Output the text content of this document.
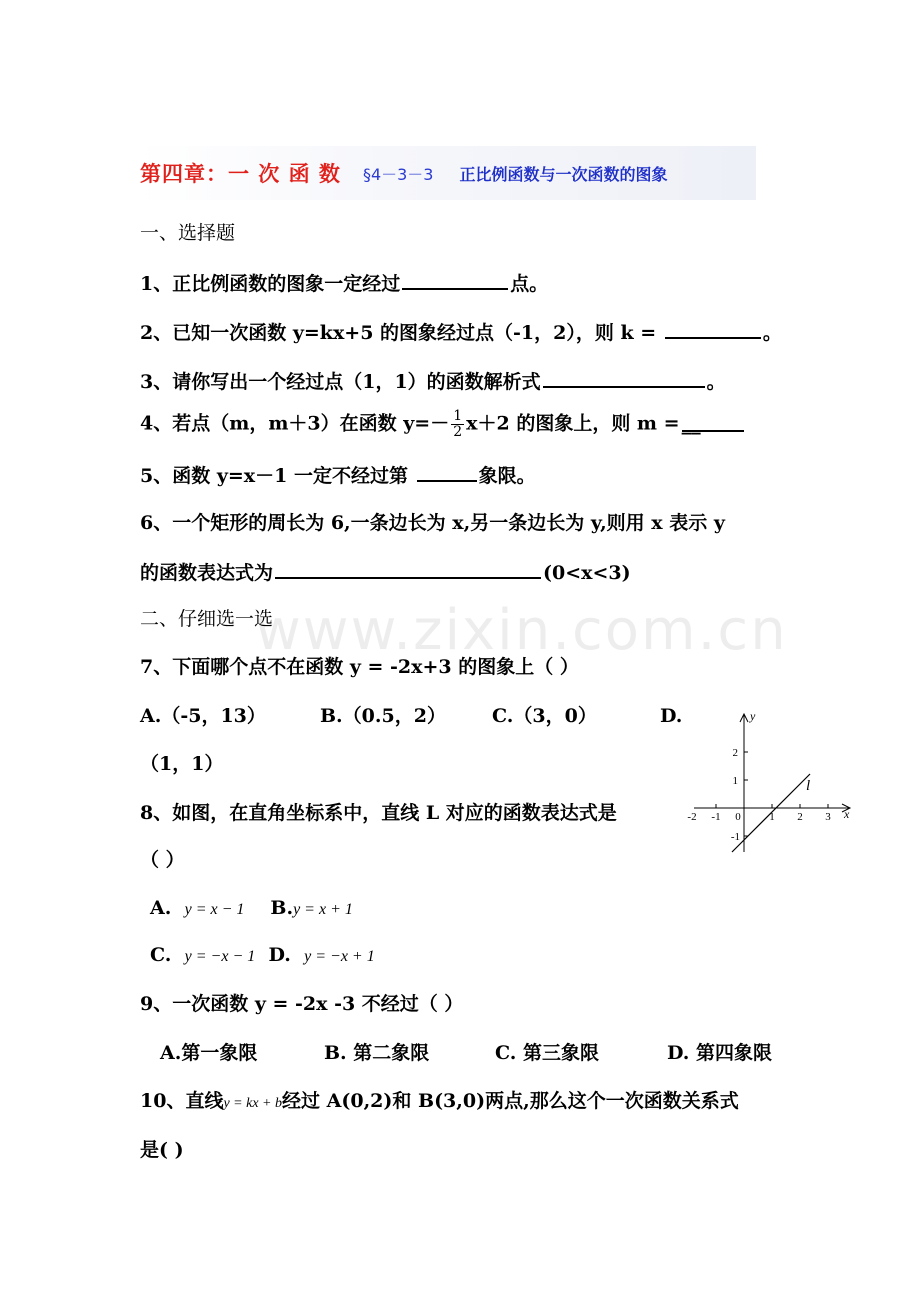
第四章：一 次 函 数 §4－3－3 正比例函数与一次函数的图象
一、选择题
1、正比例函数的图象一定经过	点。
2、已知一次函数 y=kx+5 的图象经过点（-1，2），则 k =	。
3、请你写出一个经过点（1，1）的函数解析式	。
4、若点（m，m＋3）在函数 $y=- \frac{1}{2} x+2$ 的图象上，则 m = __
5、函数 y=x－1 一定不经过第	象限。
6、一个矩形的周长为 6,一条边长为 x,另一条边长为 y,则用 x 表示 y
的函数表达式为	(0<x<3)
二、仔细选一选
7、下面哪个点不在函数 y = -2x+3 的图象上（ ）
A.（-5，13）	B.（0.5，2） C.（3，0）	D.
（1，1）
8、如图，在直角坐标系中，直线 L 对应的函数表达式是
（ ）
A. y = x − 1 B.y = x + 1
C. y = −x − 1 D. y = −x + 1
9、一次函数 y = -2x -3 不经过（ ）
A.第一象限	B. 第二象限	C. 第三象限	D. 第四象限
10、直线y = kx + b经过 A(0,2)和 B(3,0)两点,那么这个一次函数关系式
是( )
www.zixin.com.cn
y
x
l
0
-2 -1	1 2 3
2
1
-1
